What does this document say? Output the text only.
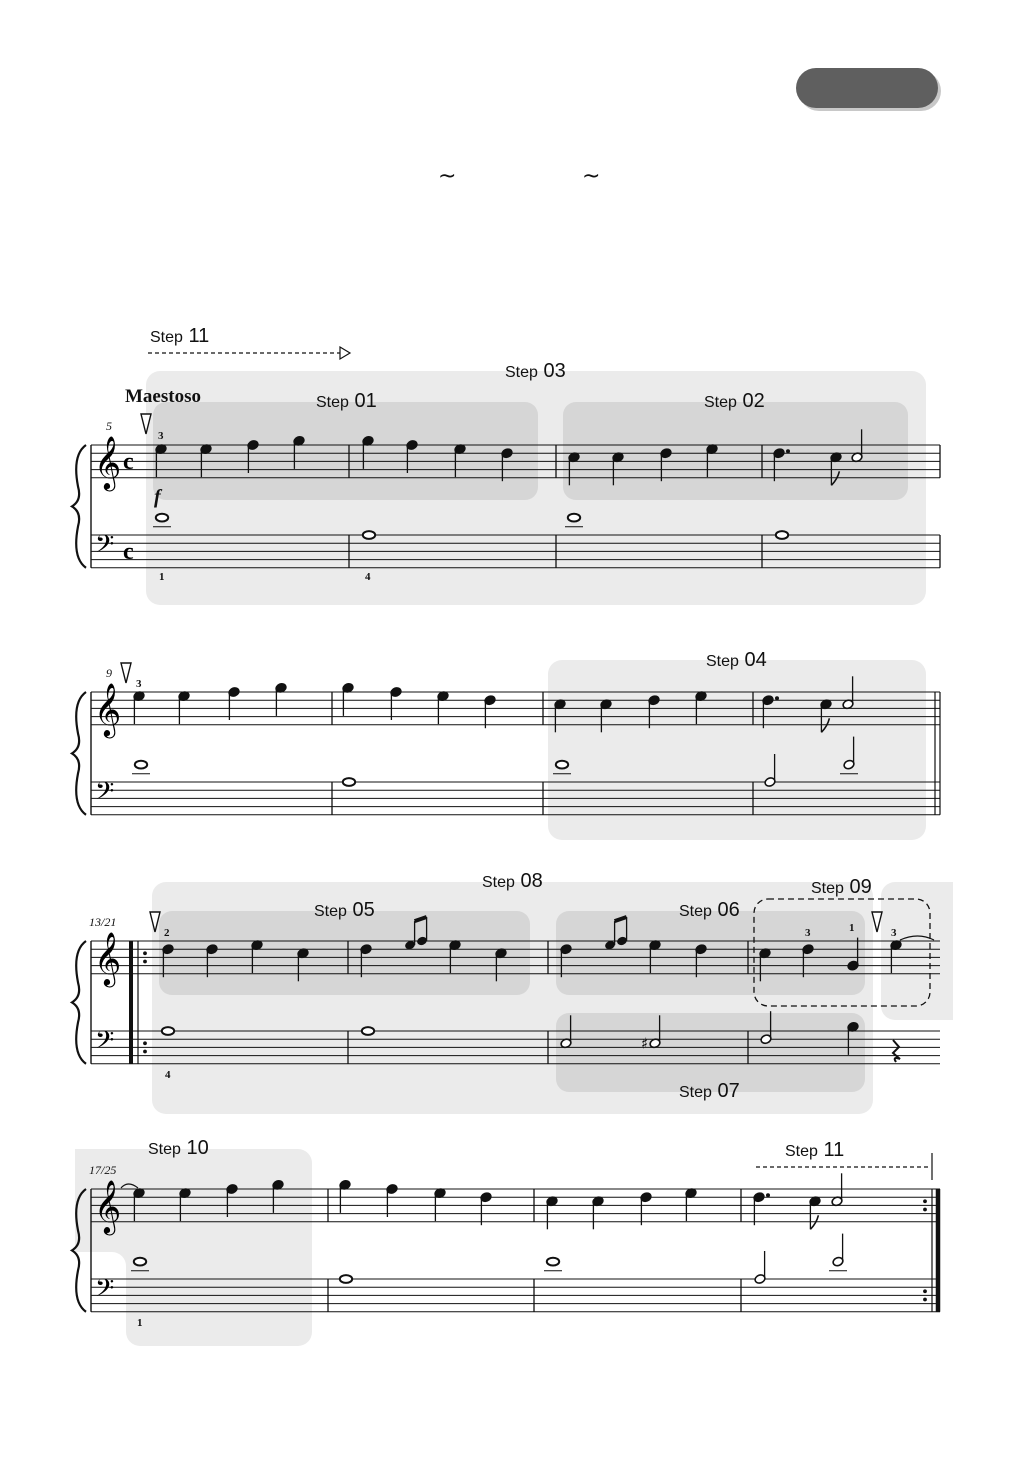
~	~
𝄞
𝄢
c
c
𝄞
𝄢
𝄞
𝄢
𝄞
𝄢
♯
Step 11
Step 03
Step 01	Step 02
Step 04
Step 08	Step 09
Step 05	Step 06
Step 07
Step 10	Step 11
Maestoso
f
5
9
13/21
17/25
3
1	4
3
2
4
3	1	3
1
